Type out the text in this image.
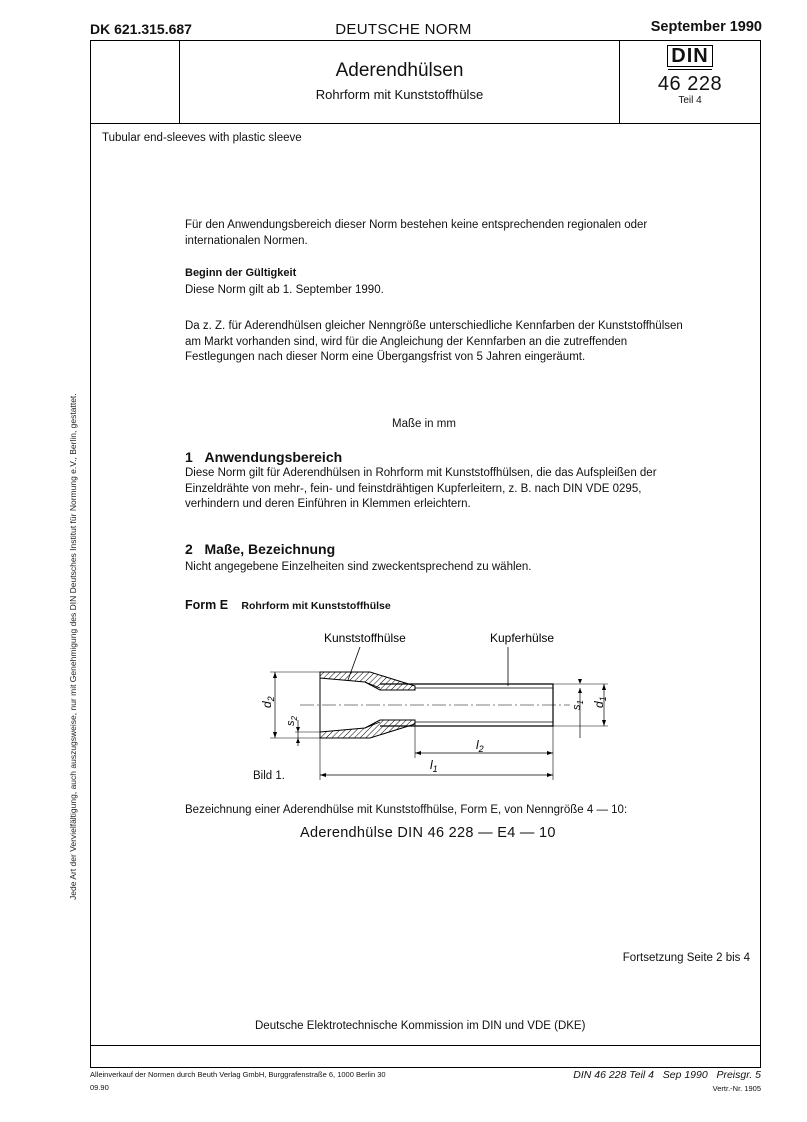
DK 621.315.687	DEUTSCHE NORM	September 1990
Aderendhülsen
Rohrform mit Kunststoffhülse
DIN
46 228
Teil 4
Tubular end-sleeves with plastic sleeve
Für den Anwendungsbereich dieser Norm bestehen keine entsprechenden regionalen oder internationalen Normen.
Beginn der Gültigkeit
Diese Norm gilt ab 1. September 1990.
Da z. Z. für Aderendhülsen gleicher Nenngröße unterschiedliche Kennfarben der Kunststoffhülsen am Markt vorhanden sind, wird für die Angleichung der Kennfarben an die zutreffenden Festlegungen nach dieser Norm eine Übergangsfrist von 5 Jahren eingeräumt.
Maße in mm
1 Anwendungsbereich
Diese Norm gilt für Aderendhülsen in Rohrform mit Kunststoffhülsen, die das Aufspleißen der Einzeldrähte von mehr-, fein- und feinstdrähtigen Kupferleitern, z. B. nach DIN VDE 0295, verhindern und deren Einführen in Klemmen erleichtern.
2 Maße, Bezeichnung
Nicht angegebene Einzelheiten sind zweckentsprechend zu wählen.
Form E Rohrform mit Kunststoffhülse
Kunststoffhülse	Kupferhülse
$d_2$
$s_2$
$d_1$
$s_1$
$l_2$
$l_1$
Bild 1.
Bezeichnung einer Aderendhülse mit Kunststoffhülse, Form E, von Nenngröße 4 — 10:
Aderendhülse DIN 46 228 — E4 — 10
Fortsetzung Seite 2 bis 4
Deutsche Elektrotechnische Kommission im DIN und VDE (DKE)
Jede Art der Vervielfältigung, auch auszugsweise, nur mit Genehmigung des DIN Deutsches Institut für Normung e.V., Berlin, gestattet.
Alleinverkauf der Normen durch Beuth Verlag GmbH, Burggrafenstraße 6, 1000 Berlin 30
09.90
DIN 46 228 Teil 4   Sep 1990   Preisgr. 5
Vertr.-Nr. 1905
